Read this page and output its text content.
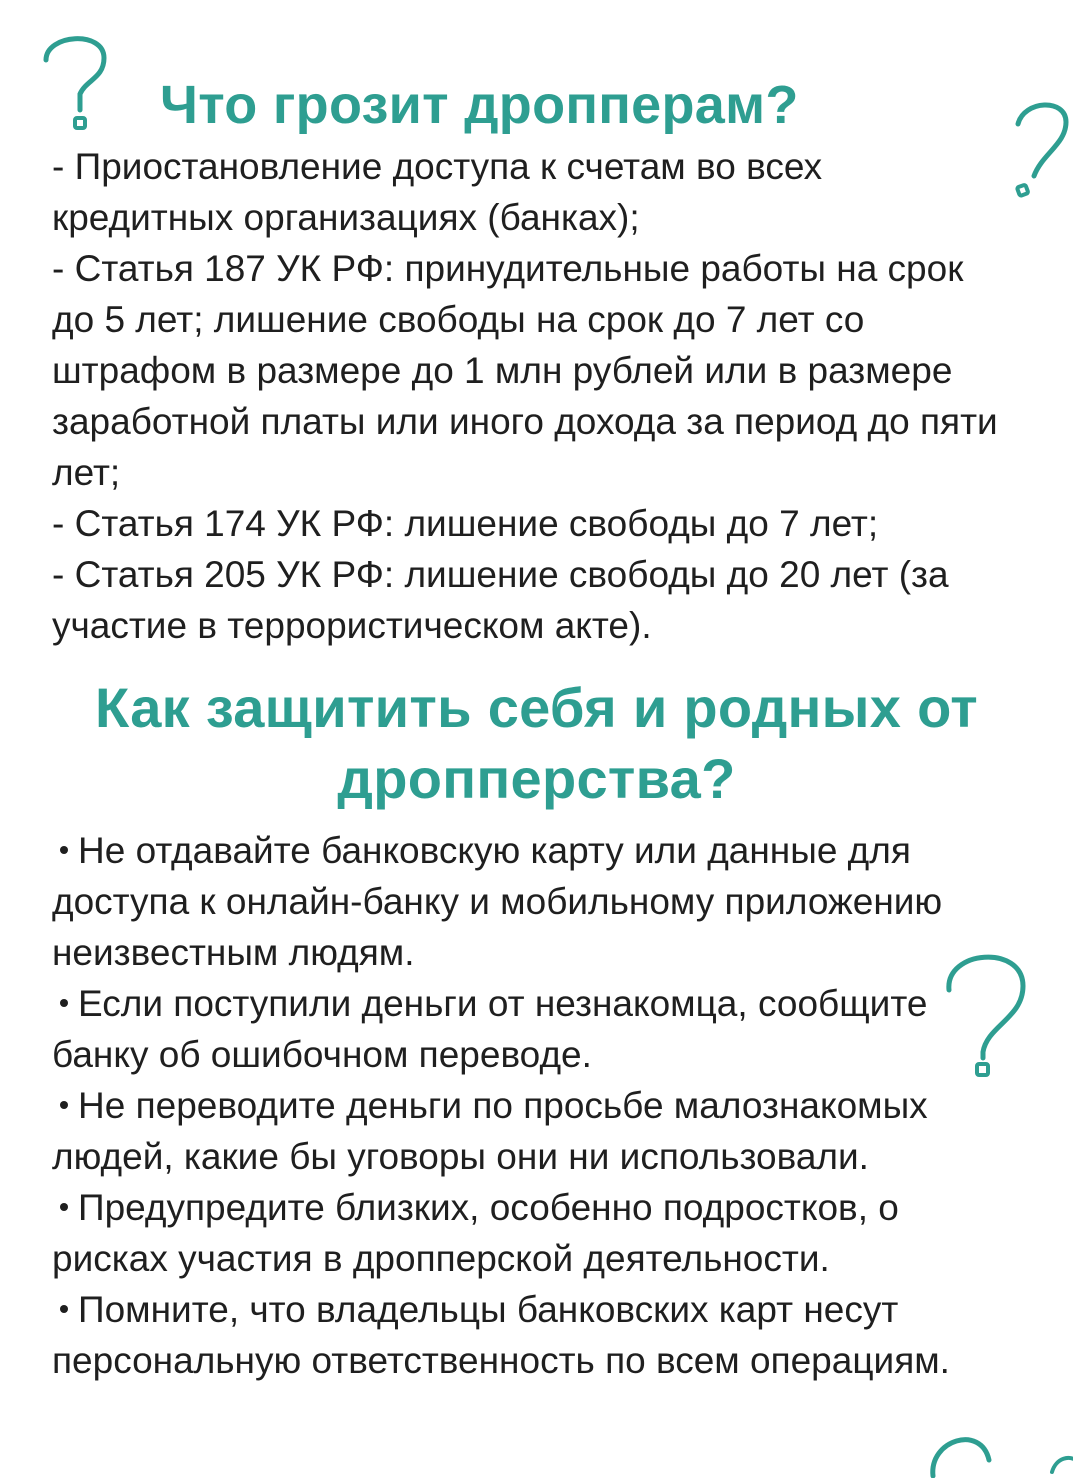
Что грозит дропперам?
- Приостановление доступа к счетам во всех кредитных организациях (банках);
- Статья 187 УК РФ: принудительные работы на срок до 5 лет; лишение свободы на срок до 7 лет со штрафом в размере до 1 млн рублей или в размере заработной платы или иного дохода за период до пяти лет;
- Статья 174 УК РФ: лишение свободы до 7 лет;
- Статья 205 УК РФ: лишение свободы до 20 лет (за участие в террористическом акте).
Как защитить себя и родных от дропперства?
Не отдавайте банковскую карту или данные для доступа к онлайн-банку и мобильному приложению неизвестным людям.
Если поступили деньги от незнакомца, сообщите банку об ошибочном переводе.
Не переводите деньги по просьбе малознакомых людей, какие бы уговоры они ни использовали.
Предупредите близких, особенно подростков, о рисках участия в дропперской деятельности.
Помните, что владельцы банковских карт несут персональную ответственность по всем операциям.
